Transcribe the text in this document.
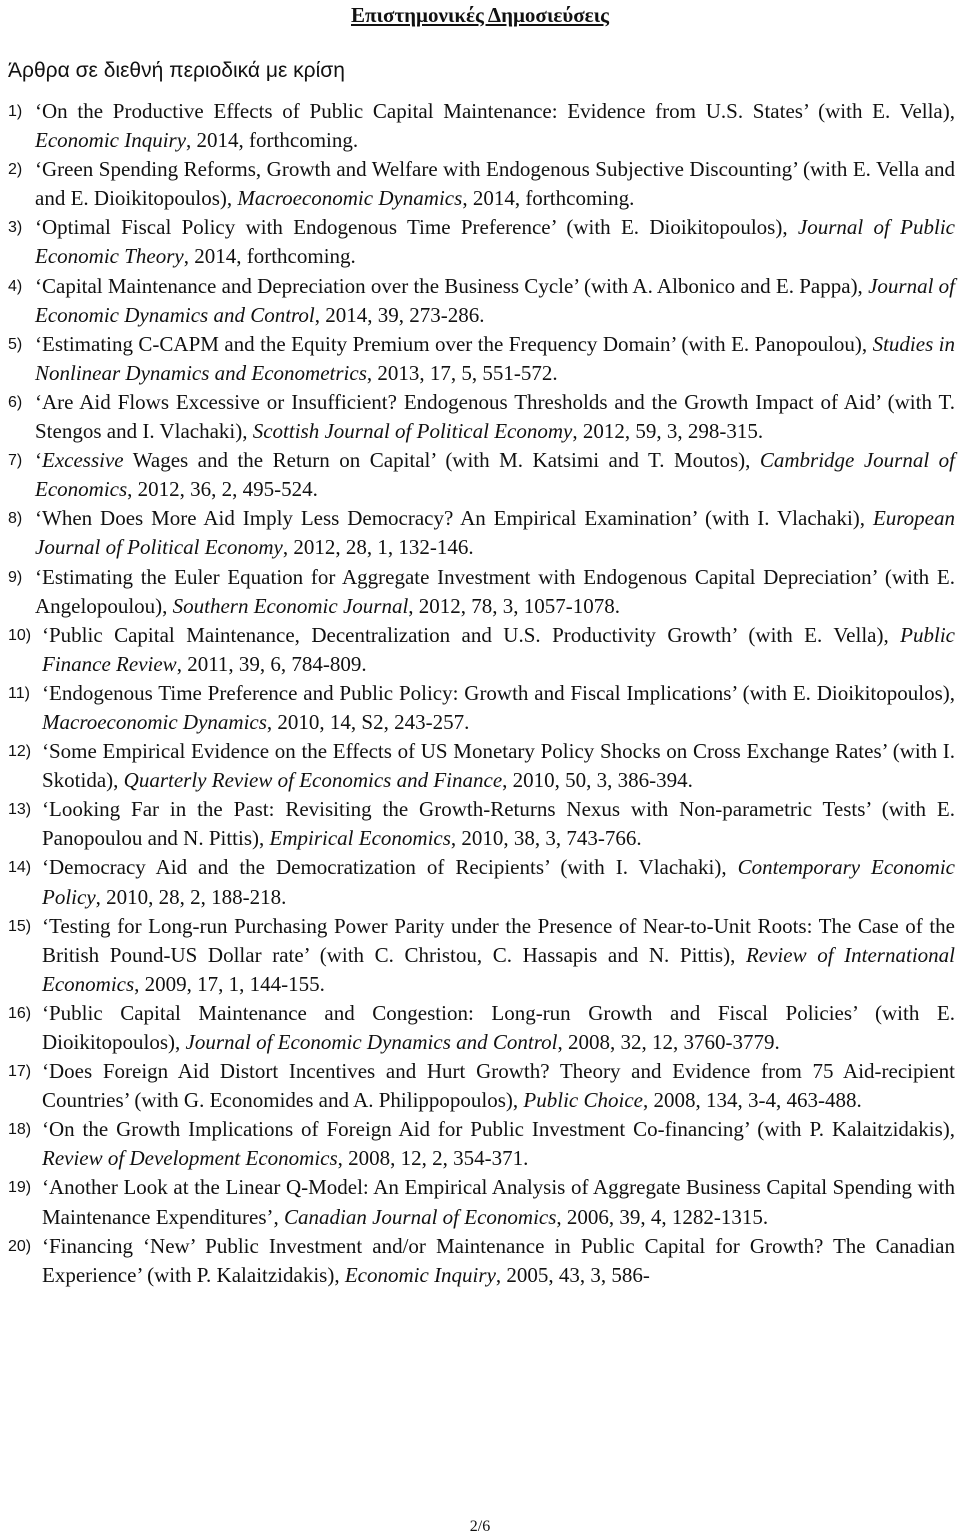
Επιστημονικές Δημοσιεύσεις
Άρθρα σε διεθνή περιοδικά με κρίση
1) ‘On the Productive Effects of Public Capital Maintenance: Evidence from U.S. States’ (with E. Vella), Economic Inquiry, 2014, forthcoming.
2) ‘Green Spending Reforms, Growth and Welfare with Endogenous Subjective Discounting’ (with E. Vella and and E. Dioikitopoulos), Macroeconomic Dynamics, 2014, forthcoming.
3) ‘Optimal Fiscal Policy with Endogenous Time Preference’ (with E. Dioikitopoulos), Journal of Public Economic Theory, 2014, forthcoming.
4) ‘Capital Maintenance and Depreciation over the Business Cycle’ (with A. Albonico and E. Pappa), Journal of Economic Dynamics and Control, 2014, 39, 273-286.
5) ‘Estimating C-CAPM and the Equity Premium over the Frequency Domain’ (with E. Panopoulou), Studies in Nonlinear Dynamics and Econometrics, 2013, 17, 5, 551-572.
6) ‘Are Aid Flows Excessive or Insufficient? Endogenous Thresholds and the Growth Impact of Aid’ (with T. Stengos and I. Vlachaki), Scottish Journal of Political Economy, 2012, 59, 3, 298-315.
7) ‘Excessive Wages and the Return on Capital’ (with M. Katsimi and T. Moutos), Cambridge Journal of Economics, 2012, 36, 2, 495-524.
8) ‘When Does More Aid Imply Less Democracy? An Empirical Examination’ (with I. Vlachaki), European Journal of Political Economy, 2012, 28, 1, 132-146.
9) ‘Estimating the Euler Equation for Aggregate Investment with Endogenous Capital Depreciation’ (with E. Angelopoulou), Southern Economic Journal, 2012, 78, 3, 1057-1078.
10) ‘Public Capital Maintenance, Decentralization and U.S. Productivity Growth’ (with E. Vella), Public Finance Review, 2011, 39, 6, 784-809.
11) ‘Endogenous Time Preference and Public Policy: Growth and Fiscal Implications’ (with E. Dioikitopoulos), Macroeconomic Dynamics, 2010, 14, S2, 243-257.
12) ‘Some Empirical Evidence on the Effects of US Monetary Policy Shocks on Cross Exchange Rates’ (with I. Skotida), Quarterly Review of Economics and Finance, 2010, 50, 3, 386-394.
13) ‘Looking Far in the Past: Revisiting the Growth-Returns Nexus with Non-parametric Tests’ (with E. Panopoulou and N. Pittis), Empirical Economics, 2010, 38, 3, 743-766.
14) ‘Democracy Aid and the Democratization of Recipients’ (with I. Vlachaki), Contemporary Economic Policy, 2010, 28, 2, 188-218.
15) ‘Testing for Long-run Purchasing Power Parity under the Presence of Near-to-Unit Roots: The Case of the British Pound-US Dollar rate’ (with C. Christou, C. Hassapis and N. Pittis), Review of International Economics, 2009, 17, 1, 144-155.
16) ‘Public Capital Maintenance and Congestion: Long-run Growth and Fiscal Policies’ (with E. Dioikitopoulos), Journal of Economic Dynamics and Control, 2008, 32, 12, 3760-3779.
17) ‘Does Foreign Aid Distort Incentives and Hurt Growth? Theory and Evidence from 75 Aid-recipient Countries’ (with G. Economides and A. Philippopoulos), Public Choice, 2008, 134, 3-4, 463-488.
18) ‘On the Growth Implications of Foreign Aid for Public Investment Co-financing’ (with P. Kalaitzidakis), Review of Development Economics, 2008, 12, 2, 354-371.
19) ‘Another Look at the Linear Q-Model: An Empirical Analysis of Aggregate Business Capital Spending with Maintenance Expenditures’, Canadian Journal of Economics, 2006, 39, 4, 1282-1315.
20) ‘Financing ‘New’ Public Investment and/or Maintenance in Public Capital for Growth? The Canadian Experience’ (with P. Kalaitzidakis), Economic Inquiry, 2005, 43, 3, 586-
2/6
